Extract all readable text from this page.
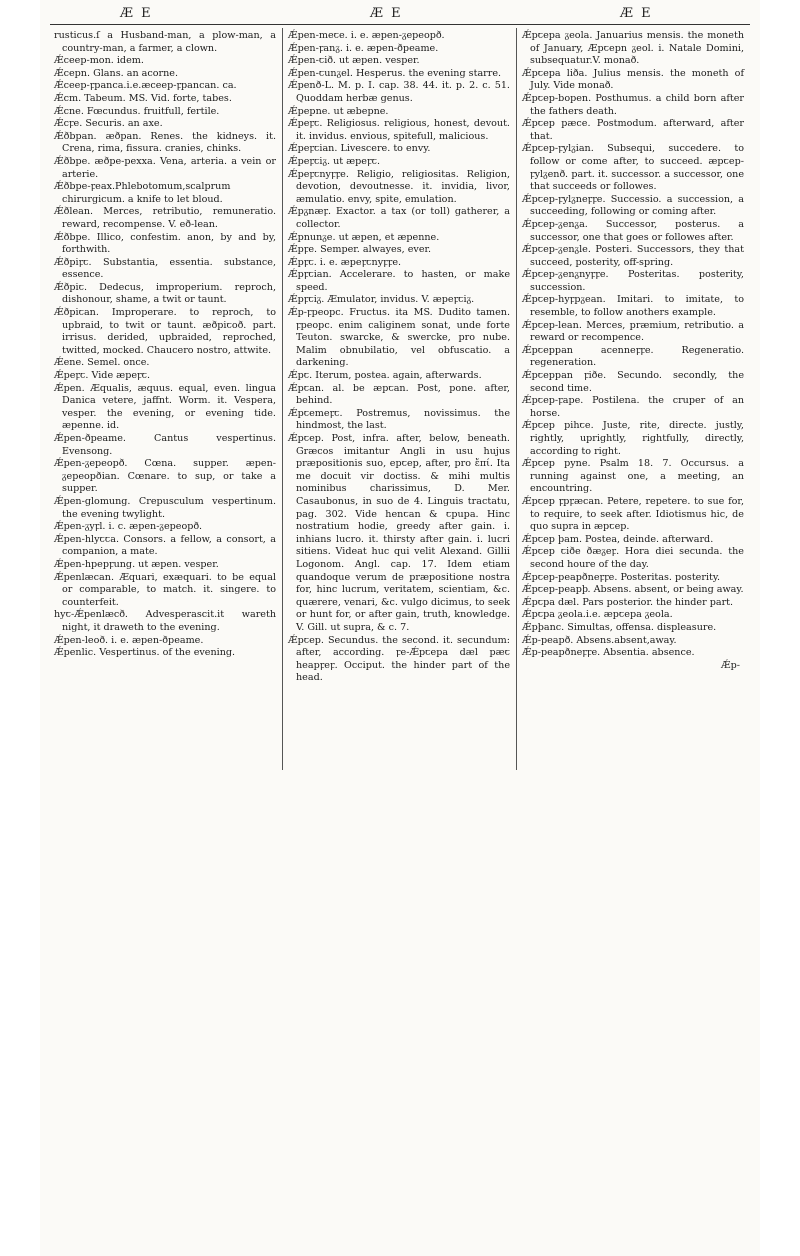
Æ E	Æ E	Æ E

rusticus.ſ a Husband-man, a plow-man, a country-man, a farmer, a clown.

Ǽceep-mon. idem.

Ǽcepn. Glans. an acorne.

Ǽceep-ꝼpanca.i.e.æceep-ꝼpancan. ca.

Ǽcm. Tabeum. MS. Vid. forte, tabes.

Ǽcne. Fœcundus. fruitfull, fertile.

Ǽcꝼe. Securis. an axe.

Ǽðbpan. æðpan. Renes. the kidneys. it. Crena, rima, fissura. cranies, chinks.

Ǽðbpe. æðpe-pexxa. Vena, arteria. a vein or arterie.

Ǽðbpe-ꝼeax.Phlebotomum,scalprum chirurgicum. a knife to let bloud.

Ǽðlean. Merces, retributio, remuneratio. reward, recompense. V. eð-lean.

Ǽðbpe. Illico, confestim. anon, by and by, forthwith.

Ǽðpiꝼꞇ. Substantia, essentia. substance, essence.

Ǽðpiꞇ. Dedecus, improperium. reproch, dishonour, shame, a twit or taunt.

Ǽðpiꞇan. Improperare. to reproch, to upbraid, to twit or taunt. æðpiꞇoð. part. irrisus. derided, upbraided, reproched, twitted, mocked. Chaucero nostro, attwite.

Ǽene. Semel. once.

Ǽpeꝼꞇ. Vide æpeꝼꞇ.

Ǽpen. Æqualis, æquus. equal, even. lingua Danica vetere, jaffnt. Worm. it. Vespera, vesper. the evening, or evening tide. æpenne. id.

Ǽpen-ðpeame. Cantus vespertinus. Evensong.

Ǽpen-ᵹepeopð. Cœna. supper. æpen-ᵹepeopðian. Cœnare. to sup, or take a supper.

Ǽpen-glomung. Crepusculum vespertinum. the evening twylight.

Ǽpen-ᵹyꝼl. i. c. æpen-ᵹepeopð.

Ǽpen-hlyꞇꞇa. Consors. a fellow, a consort, a companion, a mate.

Ǽpen-hpepꝼung. ut æpen. vesper.

Ǽpenlæcan. Æquari, exæquari. to be equal or comparable, to match. it. singere. to counterfeit.

hyꞇ-Ǽpenlæcð. Advesperascit.it wareth night, it draweth to the evening.

Ǽpen-leoð. i. e. æpen-ðpeame.

Ǽpenlic. Vespertinus. of the evening.

Ǽpen-meꞇe. i. e. æpen-ᵹepeopð.

Ǽpen-ꝼanᵹ. i. e. æpen-ðpeame.

Ǽpen-ꞇið. ut æpen. vesper.

Ǽpen-ꞇunᵹel. Hesperus. the evening starre.

Ǽpenð-L. M. p. I. cap. 38. 44. it. p. 2. c. 51. Quoddam herbæ genus.

Ǽpepne. ut æbepne.

Ǽpeꝼꞇ. Religiosus. religious, honest, devout. it. invidus. envious, spitefull, malicious.

Ǽpeꝼꞇian. Livescere. to envy.

Ǽpeꝼꞇiᵹ. ut æpeꝼꞇ.

Ǽpeꝼꞇnyꝼꝼe. Religio, religiositas. Religion, devotion, devoutnesse. it. invidia, livor, æmulatio. envy, spite, emulation.

Ǽpᵹnæꝼ. Exactor. a tax (or toll) gatherer, a collector.

Ǽpnunᵹe. ut æpen, et æpenne.

Ǽpꝼe. Semper. alwayes, ever.

Ǽpꝼꞇ. i. e. æpeꝼꞇnyꝼꝼe.

Ǽpꝼꞇian. Accelerare. to hasten, or make speed.

Ǽpꝼꞇiᵹ. Æmulator, invidus. V. æpeꝼꞇiᵹ.

Ǽp-ꝼpeopc. Fructus. ita MS. Dudito tamen. ꝼpeopc. enim caliginem sonat, unde forte Teuton. swarcke, & swercke, pro nube. Malim obnubilatio, vel obfuscatio. a darkening.

Ǽpꞇ. Iterum, postea. again, afterwards.

Ǽpꞇan. al. be æpꞇan. Post, pone. after, behind.

Ǽpꞇemeꝼꞇ. Postremus, novissimus. the hindmost, the last.

Ǽpꞇep. Post, infra. after, below, beneath. Græcos imitantur Angli in usu hujus præpositionis suo, epꞇep, after, pro ἔπί. Ita me docuit vir doctiss. & mihi multis nominibus charissimus, D. Mer. Casaubonus, in suo de 4. Linguis tractatu, pag. 302. Vide henꞇan & ꞇpupa. Hinc nostratium hodie, greedy after gain. i. inhians lucro. it. thirsty after gain. i. lucri sitiens. Videat huc qui velit Alexand. Gillii Logonom. Angl. cap. 17. Idem etiam quandoque verum de præpositione nostra for, hinc lucrum, veritatem, scientiam, &c. quærere, venari, &c. vulgo dicimus, to seek or hunt for, or after gain, truth, knowledge. V. Gill. ut supra, & c. 7.

Ǽpꞇep. Secundus. the second. it. secundum: after, according. ꝼe-Ǽpꞇepa dæl pæꞇ heapꝼeꝼ. Occiput. the hinder part of the head.

Ǽpꞇepa ᵹeola. Januarius mensis. the moneth of January, Æpꞇepn ᵹeol. i. Natale Domini, subsequatur.V. monað.

Ǽpꞇepa liða. Julius mensis. the moneth of July. Vide monað.

Ǽpꞇep-bopen. Posthumus. a child born after the fathers death.

Ǽpꞇep pæce. Postmodum. afterward, after that.

Ǽpꞇep-ꝼylᵹian. Subsequi, succedere. to follow or come after, to succeed. æpꞇep-ꝼylᵹenð. part. it. successor. a successor, one that succeeds or followes.

Ǽpꞇep-ꝼylᵹneꝼꝼe. Successio. a succession, a succeeding, following or coming after.

Ǽpꞇep-ᵹenᵹa. Successor, posterus. a successor, one that goes or followes after.

Ǽpꞇep-ᵹenᵹle. Posteri. Successors, they that succeed, posterity, off-spring.

Ǽpꞇep-ᵹenᵹnyꝼꝼe. Posteritas. posterity, succession.

Ǽpꞇep-hyꝼpᵹean. Imitari. to imitate, to resemble, to follow anothers example.

Ǽpꞇep-lean. Merces, præmium, retributio. a reward or recompence.

Ǽpꞇeppan acenneꝼꝼe. Regeneratio. regeneration.

Ǽpꞇeppan ꝼiðe. Secundo. secondly, the second time.

Ǽpꞇep-ꝼape. Postilena. the cruper of an horse.

Ǽpꞇep pihꞇe. Juste, rite, directe. justly, rightly, uprightly, rightfully, directly, according to right.

Ǽpꞇep pyne. Psalm 18. 7. Occursus. a running against one, a meeting, an encountring.

Ǽpꞇep ꝼpꝼæcan. Petere, repetere. to sue for, to require, to seek after. Idiotismus hic, de quo supra in æpꞇep.

Ǽpꞇep þam. Postea, deinde. afterward.

Ǽpꞇep ꞇiðe ðæᵹeꝼ. Hora diei secunda. the second houre of the day.

Ǽpꞇep-peapðneꝼꝼe. Posteritas. posterity.

Ǽpꞇep-peapþ. Absens. absent, or being away.

Ǽpꞇpa dæl. Pars posterior. the hinder part.

Ǽpꞇpa ᵹeola.i.e. æpꞇepa ᵹeola.

Ǽpþanc. Simultas, offensa. displeasure.

Ǽp-peapð. Absens.absent,away.

Ǽp-peapðneꝼꝼe. Absentia. absence.

Ǽp-
